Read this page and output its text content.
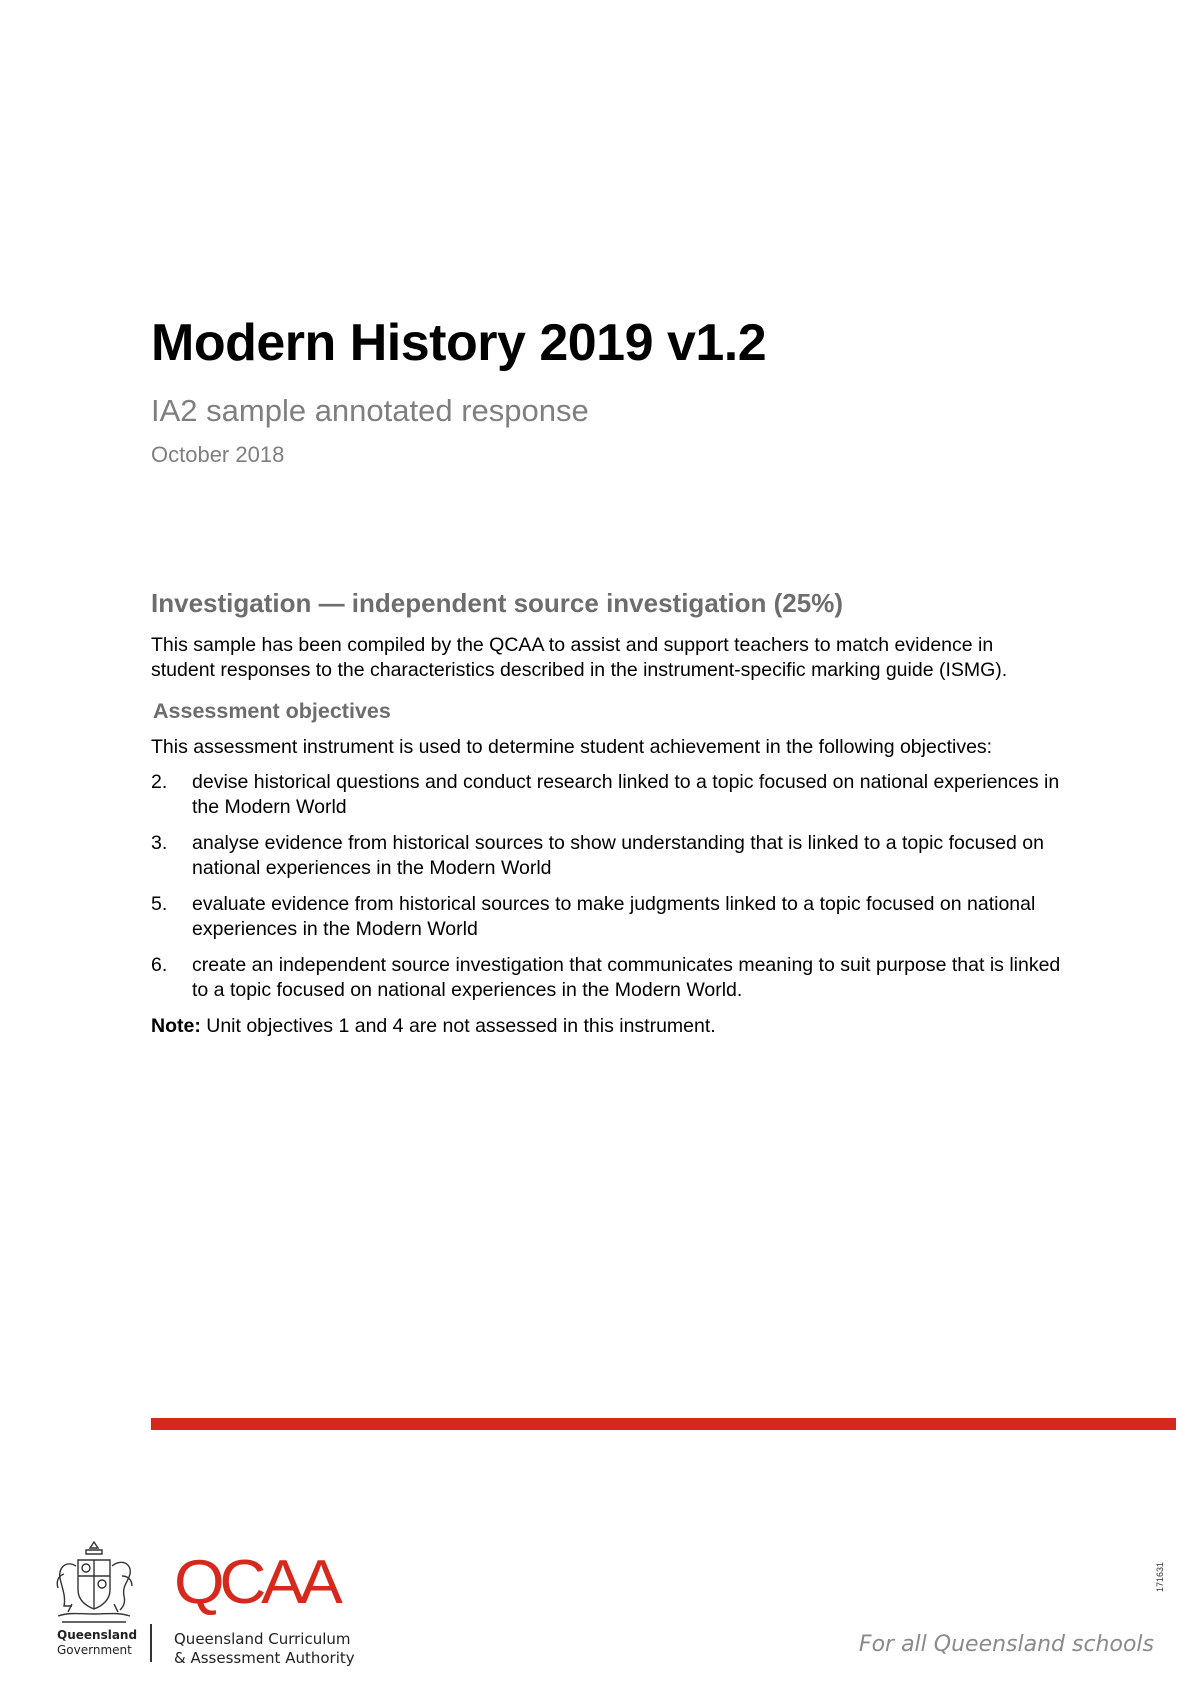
Modern History 2019 v1.2

IA2 sample annotated response

October 2018

Investigation — independent source investigation (25%)

This sample has been compiled by the QCAA to assist and support teachers to match evidence in student responses to the characteristics described in the instrument-specific marking guide (ISMG).

Assessment objectives

This assessment instrument is used to determine student achievement in the following objectives:

2.	devise historical questions and conduct research linked to a topic focused on national experiences in the Modern World
3.	analyse evidence from historical sources to show understanding that is linked to a topic focused on national experiences in the Modern World
5.	evaluate evidence from historical sources to make judgments linked to a topic focused on national experiences in the Modern World
6.	create an independent source investigation that communicates meaning to suit purpose that is linked to a topic focused on national experiences in the Modern World.

Note: Unit objectives 1 and 4 are not assessed in this instrument.

Queensland
Government
QCAA
Queensland Curriculum
& Assessment Authority
For all Queensland schools
171631
